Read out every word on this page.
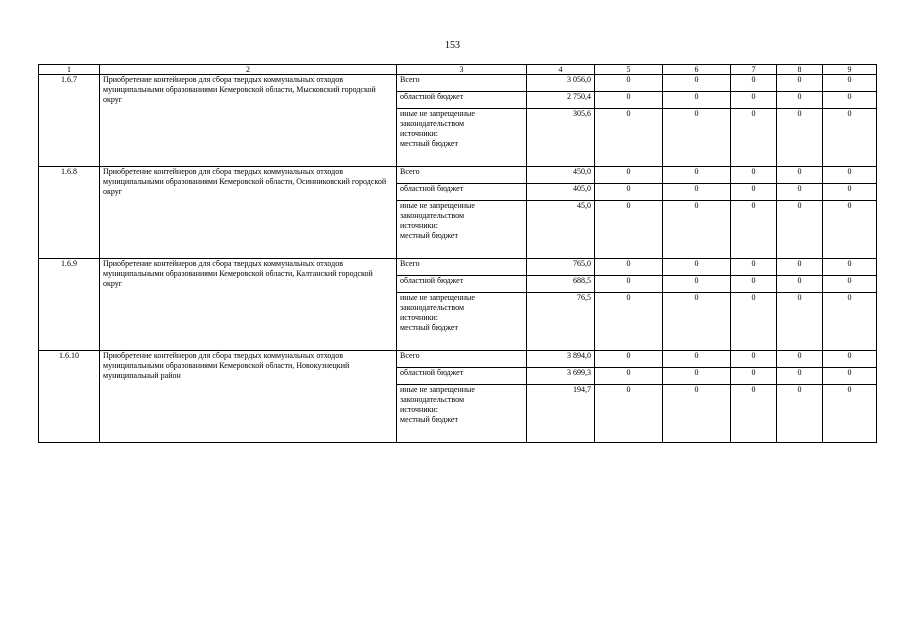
153
1	2	3	4	5	6	7	8	9
1.6.7	Приобретение контейнеров для сбора твердых коммунальных отходов муниципальными образованиями Кемеровской области, Мысковский городской округ	Всего	3 056,0	0	0	0	0	0
		областной бюджет	2 750,4	0	0	0	0	0
		иные не запрещенные
законодательством
источники:
местный бюджет	305,6	0	0	0	0	0
1.6.8	Приобретение контейнеров для сбора твердых коммунальных отходов муниципальными образованиями Кемеровской области, Осинниковский городской округ	Всего	450,0	0	0	0	0	0
		областной бюджет	405,0	0	0	0	0	0
		иные не запрещенные
законодательством
источники:
местный бюджет	45,0	0	0	0	0	0
1.6.9	Приобретение контейнеров для сбора твердых коммунальных отходов муниципальными образованиями Кемеровской области, Калтанский городской округ	Всего	765,0	0	0	0	0	0
		областной бюджет	688,5	0	0	0	0	0
		иные не запрещенные
законодательством
источники:
местный бюджет	76,5	0	0	0	0	0
1.6.10	Приобретение контейнеров для сбора твердых коммунальных отходов муниципальными образованиями Кемеровской области, Новокузнецкий муниципальный район	Всего	3 894,0	0	0	0	0	0
		областной бюджет	3 699,3	0	0	0	0	0
		иные не запрещенные
законодательством
источники:
местный бюджет	194,7	0	0	0	0	0
